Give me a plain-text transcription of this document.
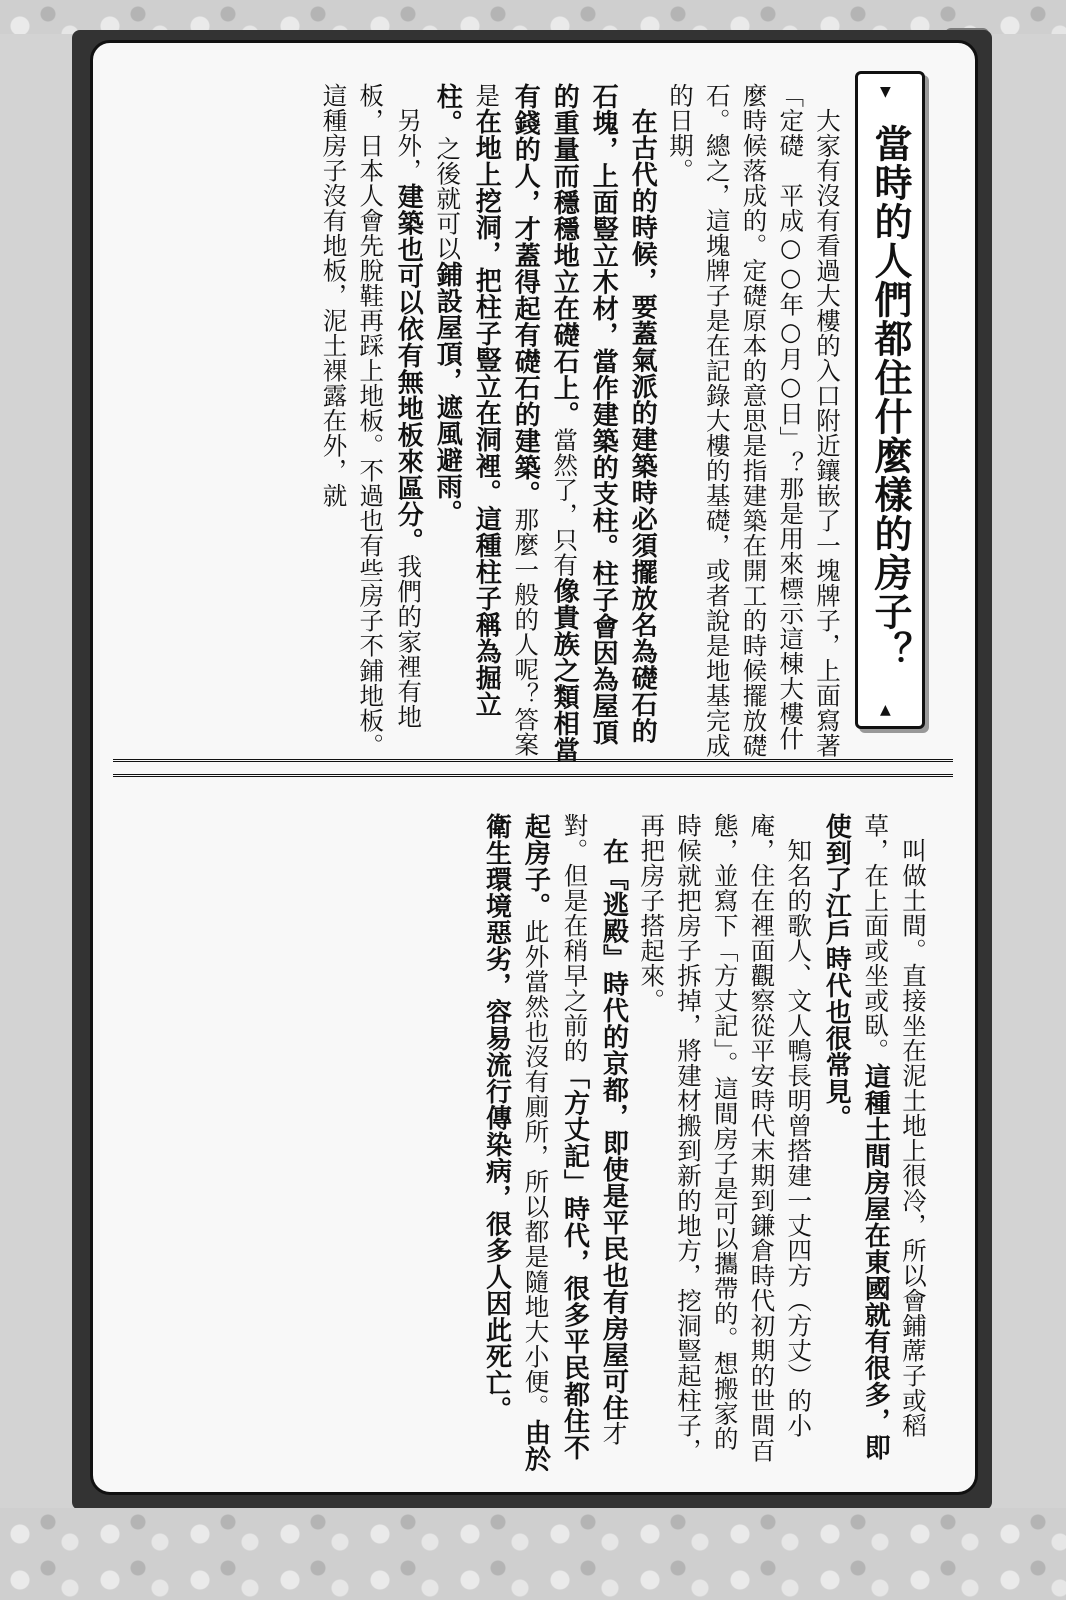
▼
當時的人們都住什麼樣的房子？
▲
　大家有沒有看過大樓的入口附近鑲嵌了一塊牌子，上面寫著「定礎　平成○○年○月○日」？那是用來標示這棟大樓什麼時候落成的。定礎原本的意思是指建築在開工的時候擺放礎石。總之，這塊牌子是在記錄大樓的基礎，或者說是地基完成的日期。
　在古代的時候，要蓋氣派的建築時必須擺放名為礎石的石塊，上面豎立木材，當作建築的支柱。柱子會因為屋頂的重量而穩穩地立在礎石上。當然了，只有像貴族之類相當有錢的人，才蓋得起有礎石的建築。那麼一般的人呢？答案是在地上挖洞，把柱子豎立在洞裡。這種柱子稱為掘立柱。之後就可以鋪設屋頂，遮風避雨。
　另外，建築也可以依有無地板來區分。我們的家裡有地板，日本人會先脫鞋再踩上地板。不過也有些房子不鋪地板。這種房子沒有地板，泥土裸露在外，就
　叫做土間。直接坐在泥土地上很冷，所以會鋪蓆子或稻草，在上面或坐或臥。這種土間房屋在東國就有很多，即使到了江戶時代也很常見。
　知名的歌人、文人鴨長明曾搭建一丈四方（方丈）的小庵，住在裡面觀察從平安時代末期到鎌倉時代初期的世間百態，並寫下「方丈記」。這間房子是可以攜帶的。想搬家的時候就把房子拆掉，將建材搬到新的地方，挖洞豎起柱子，再把房子搭起來。
　在『逃殿』時代的京都，即使是平民也有房屋可住才對。但是在稍早之前的「方丈記」時代，很多平民都住不起房子。此外當然也沒有廁所，所以都是隨地大小便。由於衛生環境惡劣，容易流行傳染病，很多人因此死亡。
